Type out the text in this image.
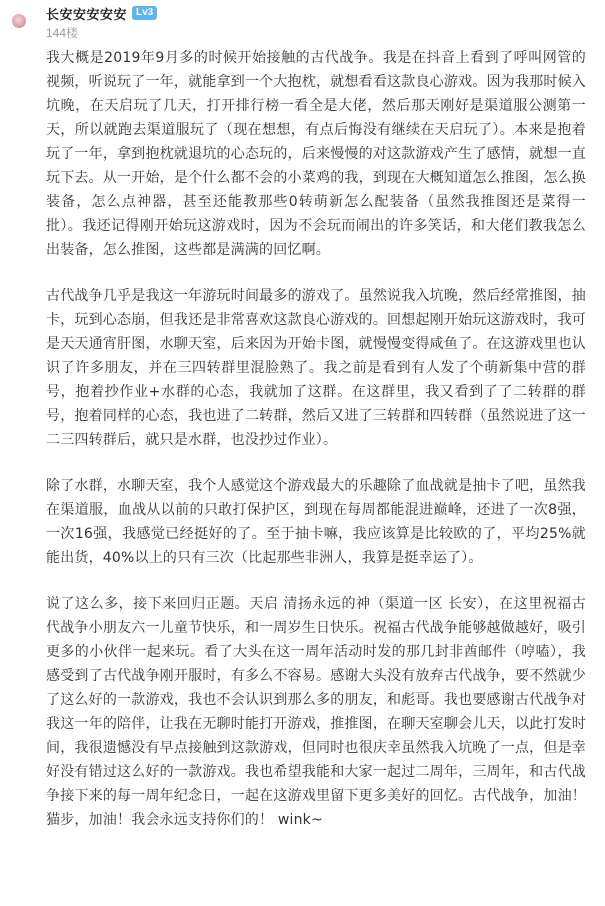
长安安安安安 Lv3
144楼

我大概是2019年9月多的时候开始接触的古代战争。我是在抖音上看到了呼叫网管的视频，听说玩了一年，就能拿到一个大抱枕，就想看看这款良心游戏。因为我那时候入坑晚，在天启玩了几天，打开排行榜一看全是大佬，然后那天刚好是渠道服公测第一天，所以就跑去渠道服玩了（现在想想，有点后悔没有继续在天启玩了）。本来是抱着玩了一年，拿到抱枕就退坑的心态玩的，后来慢慢的对这款游戏产生了感情，就想一直玩下去。从一开始，是个什么都不会的小菜鸡的我，到现在大概知道怎么推图，怎么换装备，怎么点神器，甚至还能教那些0转萌新怎么配装备（虽然我推图还是菜得一批）。我还记得刚开始玩这游戏时，因为不会玩而闹出的许多笑话，和大佬们教我怎么出装备，怎么推图，这些都是满满的回忆啊。

古代战争几乎是我这一年游玩时间最多的游戏了。虽然说我入坑晚，然后经常推图，抽卡，玩到心态崩，但我还是非常喜欢这款良心游戏的。回想起刚开始玩这游戏时，我可是天天通宵肝图，水聊天室，后来因为开始卡图，就慢慢变得咸鱼了。在这游戏里也认识了许多朋友，并在三四转群里混脸熟了。我之前是看到有人发了个萌新集中营的群号，抱着抄作业+水群的心态，我就加了这群。在这群里，我又看到了了二转群的群号，抱着同样的心态，我也进了二转群，然后又进了三转群和四转群（虽然说进了这一二三四转群后，就只是水群，也没抄过作业）。

除了水群，水聊天室，我个人感觉这个游戏最大的乐趣除了血战就是抽卡了吧，虽然我在渠道服，血战从以前的只敢打保护区，到现在每周都能混进巅峰，还进了一次8强，一次16强，我感觉已经挺好的了。至于抽卡嘛，我应该算是比较欧的了，平均25%就能出货，40%以上的只有三次（比起那些非洲人，我算是挺幸运了）。

说了这么多，接下来回归正题。天启 清扬永远的神（渠道一区 长安），在这里祝福古代战争小朋友六一儿童节快乐，和一周岁生日快乐。祝福古代战争能够越做越好，吸引更多的小伙伴一起来玩。看了大头在这一周年活动时发的那几封非酋邮件（哼嗑），我感受到了古代战争刚开服时，有多么不容易。感谢大头没有放弃古代战争，要不然就少了这么好的一款游戏，我也不会认识到那么多的朋友，和彪哥。我也要感谢古代战争对我这一年的陪伴，让我在无聊时能打开游戏，推推图，在聊天室聊会儿天，以此打发时间，我很遗憾没有早点接触到这款游戏，但同时也很庆幸虽然我入坑晚了一点，但是幸好没有错过这么好的一款游戏。我也希望我能和大家一起过二周年，三周年，和古代战争接下来的每一周年纪念日，一起在这游戏里留下更多美好的回忆。古代战争，加油！猫步，加油！我会永远支持你们的！ wink~
